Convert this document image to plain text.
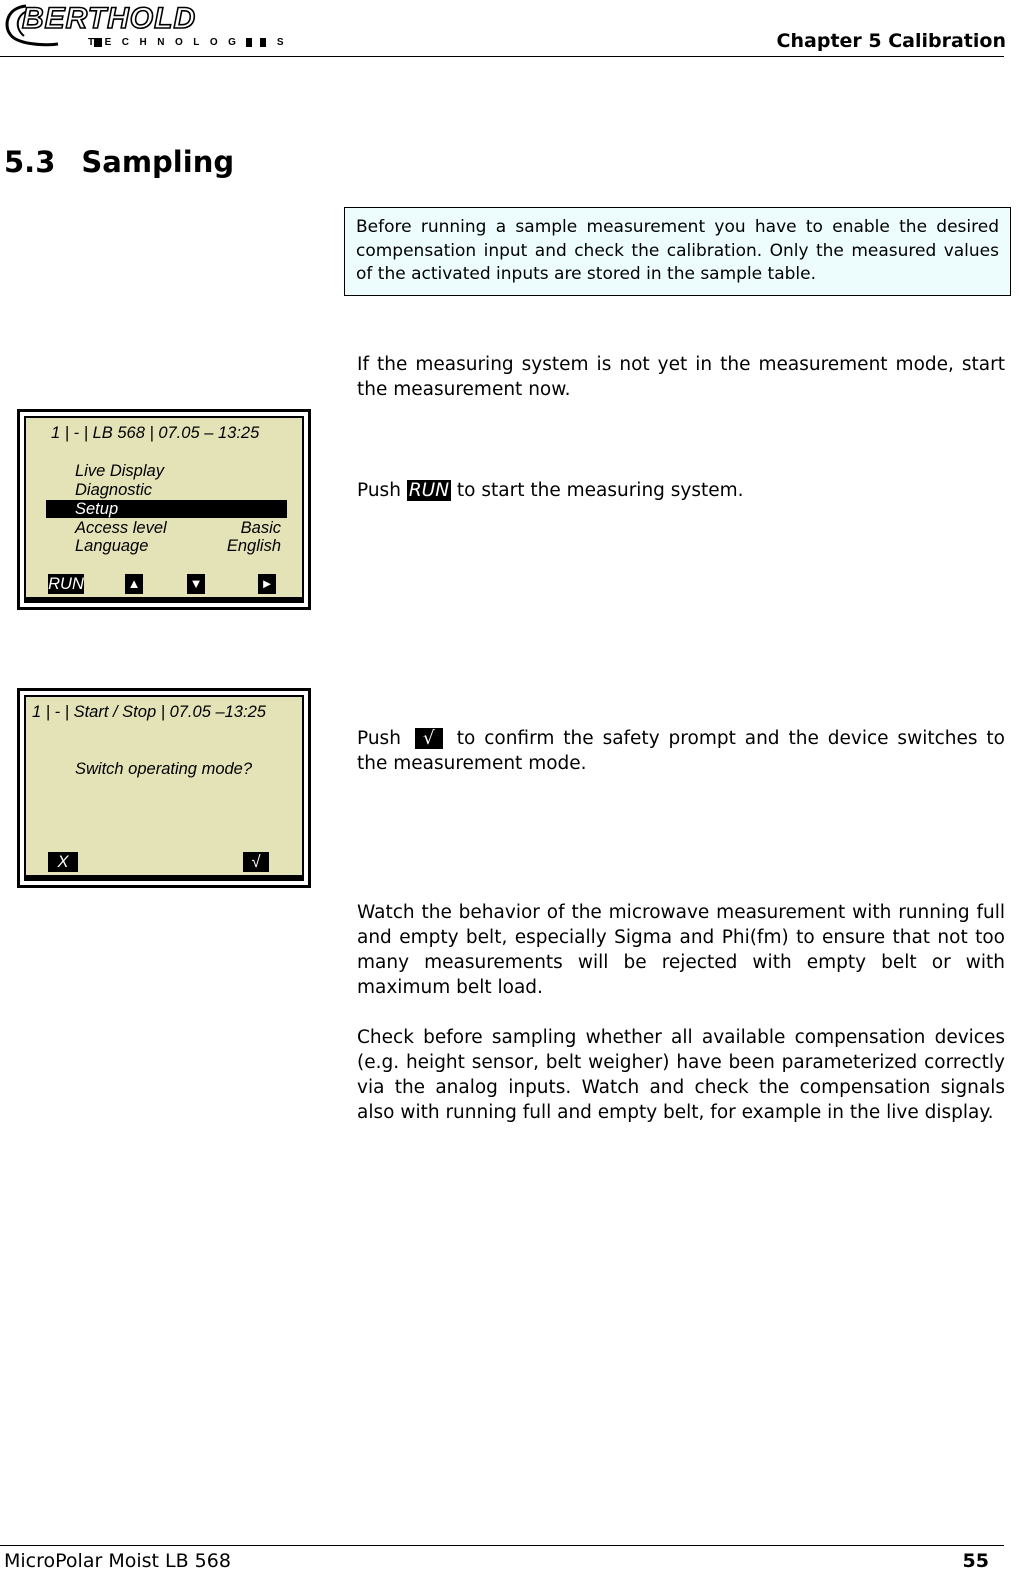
BERTHOLD
TECHNOLOGIES	Chapter 5 Calibration
5.3 Sampling
Before running a sample measurement you have to enable the desired compensation input and check the calibration. Only the measured values of the activated inputs are stored in the sample table.
If the measuring system is not yet in the measurement mode, start the measurement now.
Push RUN to start the measuring system.
Push √ to confirm the safety prompt and the device switches to the measurement mode.
Watch the behavior of the microwave measurement with running full and empty belt, especially Sigma and Phi(fm) to ensure that not too many measurements will be rejected with empty belt or with maximum belt load.
Check before sampling whether all available compensation devices (e.g. height sensor, belt weigher) have been parameterized correctly via the analog inputs. Watch and check the compensation signals also with running full and empty belt, for example in the live display.
1 | - | LB 568 | 07.05 – 13:25
Live Display
Diagnostic
Setup
Access level	Basic
Language	English
RUN	▲	▼	►
1 | - | Start / Stop | 07.05 –13:25
Switch operating mode?
X	√
MicroPolar Moist LB 568	55
